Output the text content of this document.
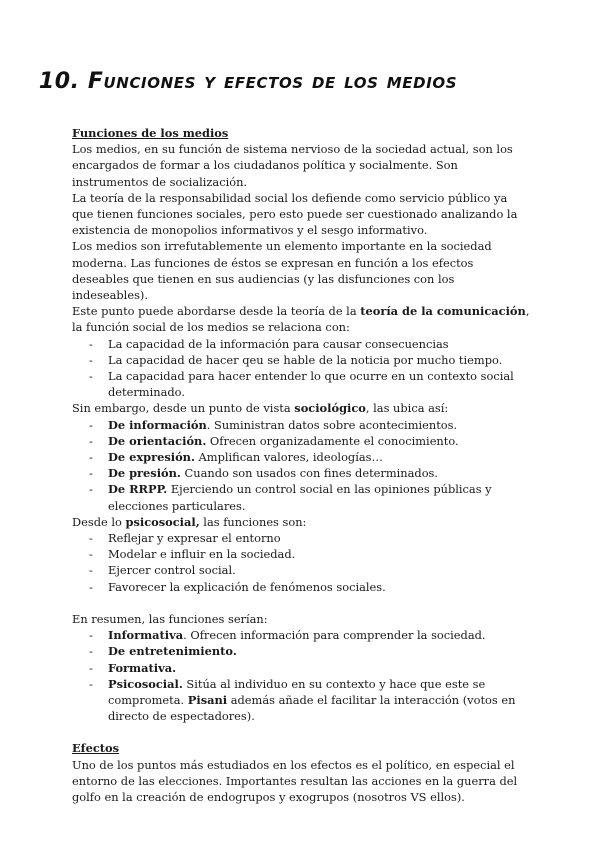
10. Funciones y efectos de los medios

Funciones de los medios

Los medios, en su función de sistema nervioso de la sociedad actual, son los encargados de formar a los ciudadanos política y socialmente. Son instrumentos de socialización.

La teoría de la responsabilidad social los defiende como servicio público ya que tienen funciones sociales, pero esto puede ser cuestionado analizando la existencia de monopolios informativos y el sesgo informativo.

Los medios son irrefutablemente un elemento importante en la sociedad moderna. Las funciones de éstos se expresan en función a los efectos deseables que tienen en sus audiencias (y las disfunciones con los indeseables).

Este punto puede abordarse desde la teoría de la teoría de la comunicación, la función social de los medios se relaciona con:

- La capacidad de la información para causar consecuencias
- La capacidad de hacer qeu se hable de la noticia por mucho tiempo.
- La capacidad para hacer entender lo que ocurre en un contexto social determinado.

Sin embargo, desde un punto de vista sociológico, las ubica así:

- De información. Suministran datos sobre acontecimientos.
- De orientación. Ofrecen organizadamente el conocimiento.
- De expresión. Amplifican valores, ideologías…
- De presión. Cuando son usados con fines determinados.
- De RRPP. Ejerciendo un control social en las opiniones públicas y elecciones particulares.

Desde lo psicosocial, las funciones son:

- Reflejar y expresar el entorno
- Modelar e influir en la sociedad.
- Ejercer control social.
- Favorecer la explicación de fenómenos sociales.

En resumen, las funciones serían:

- Informativa. Ofrecen información para comprender la sociedad.
- De entretenimiento.
- Formativa.
- Psicosocial. Sitúa al individuo en su contexto y hace que este se comprometa. Pisani además añade el facilitar la interacción (votos en directo de espectadores).

Efectos

Uno de los puntos más estudiados en los efectos es el político, en especial el entorno de las elecciones. Importantes resultan las acciones en la guerra del golfo en la creación de endogrupos y exogrupos (nosotros VS ellos).
